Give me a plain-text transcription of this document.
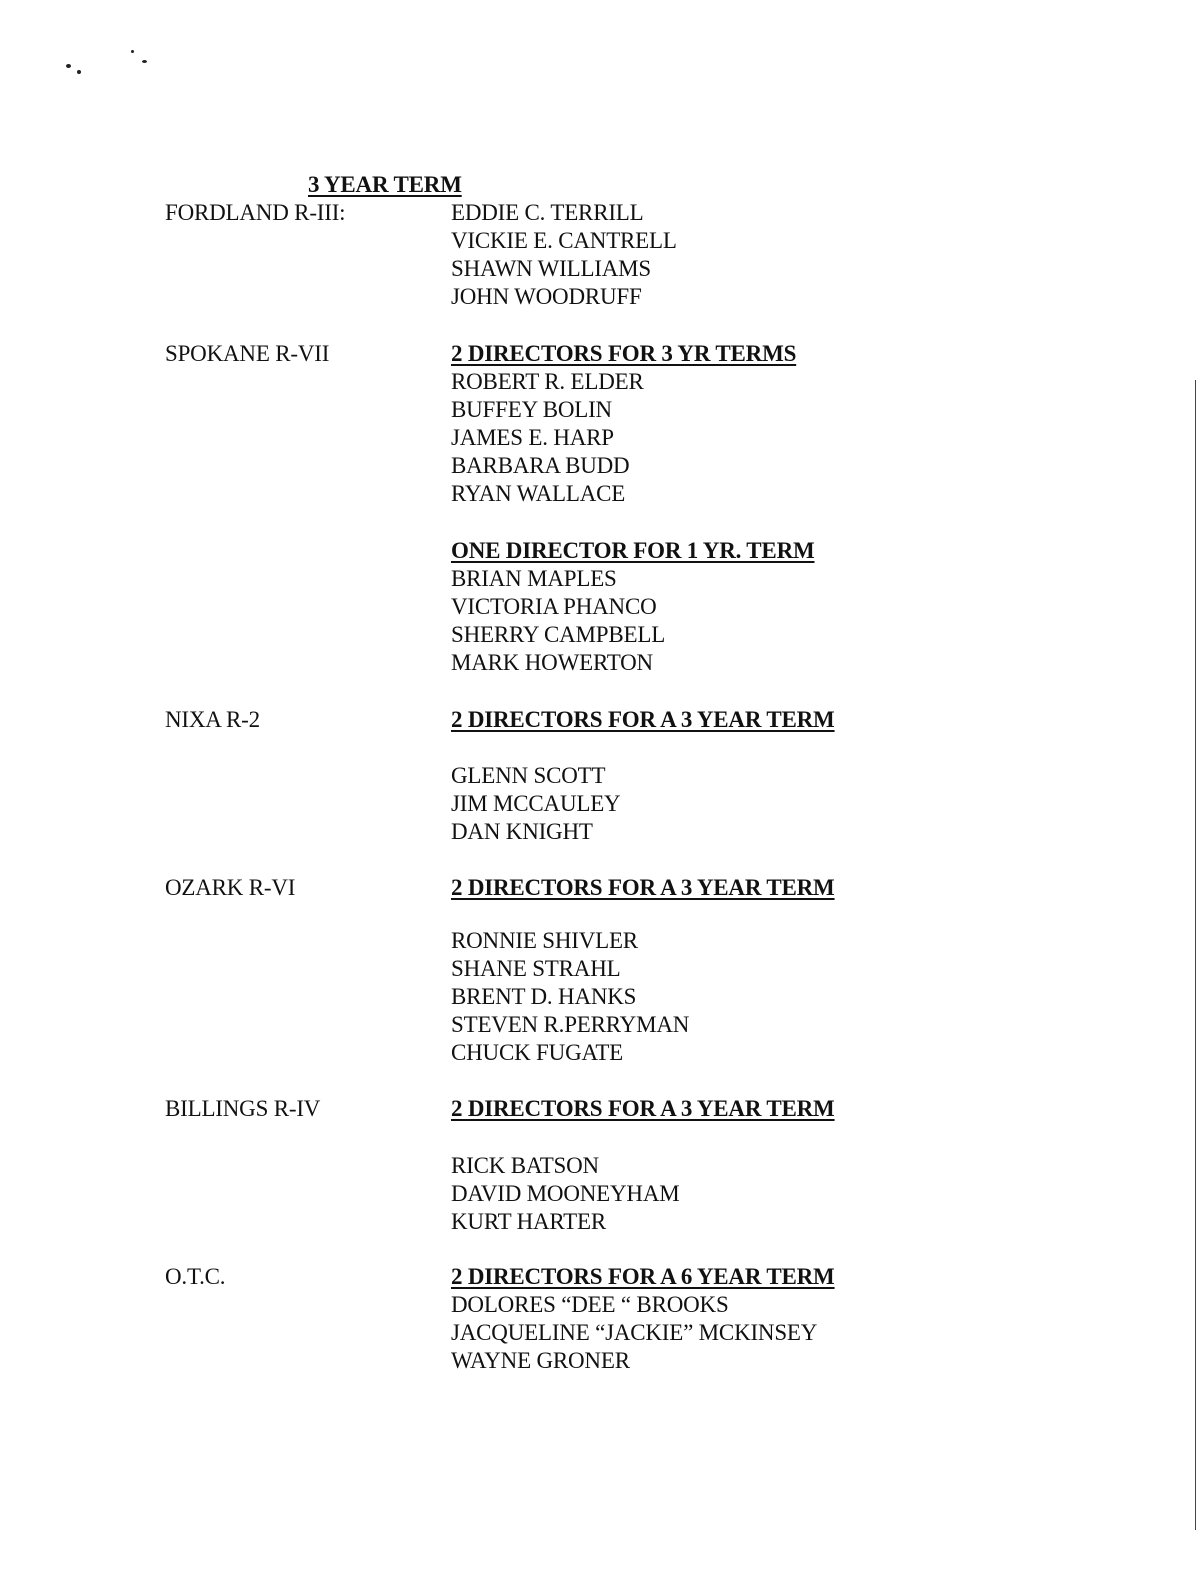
3 YEAR TERM
FORDLAND R-III:	EDDIE C. TERRILL
VICKIE E. CANTRELL
SHAWN WILLIAMS
JOHN WOODRUFF
SPOKANE R-VII	2 DIRECTORS FOR 3 YR TERMS
ROBERT R. ELDER
BUFFEY BOLIN
JAMES E. HARP
BARBARA BUDD
RYAN WALLACE
ONE DIRECTOR FOR 1 YR. TERM
BRIAN MAPLES
VICTORIA PHANCO
SHERRY CAMPBELL
MARK HOWERTON
NIXA R-2	2 DIRECTORS FOR A 3 YEAR TERM
GLENN SCOTT
JIM MCCAULEY
DAN KNIGHT
OZARK R-VI	2 DIRECTORS FOR A 3 YEAR TERM
RONNIE SHIVLER
SHANE STRAHL
BRENT D. HANKS
STEVEN R.PERRYMAN
CHUCK FUGATE
BILLINGS R-IV	2 DIRECTORS FOR A 3 YEAR TERM
RICK BATSON
DAVID MOONEYHAM
KURT HARTER
O.T.C.	2 DIRECTORS FOR A 6 YEAR TERM
DOLORES “DEE “ BROOKS
JACQUELINE “JACKIE” MCKINSEY
WAYNE GRONER
